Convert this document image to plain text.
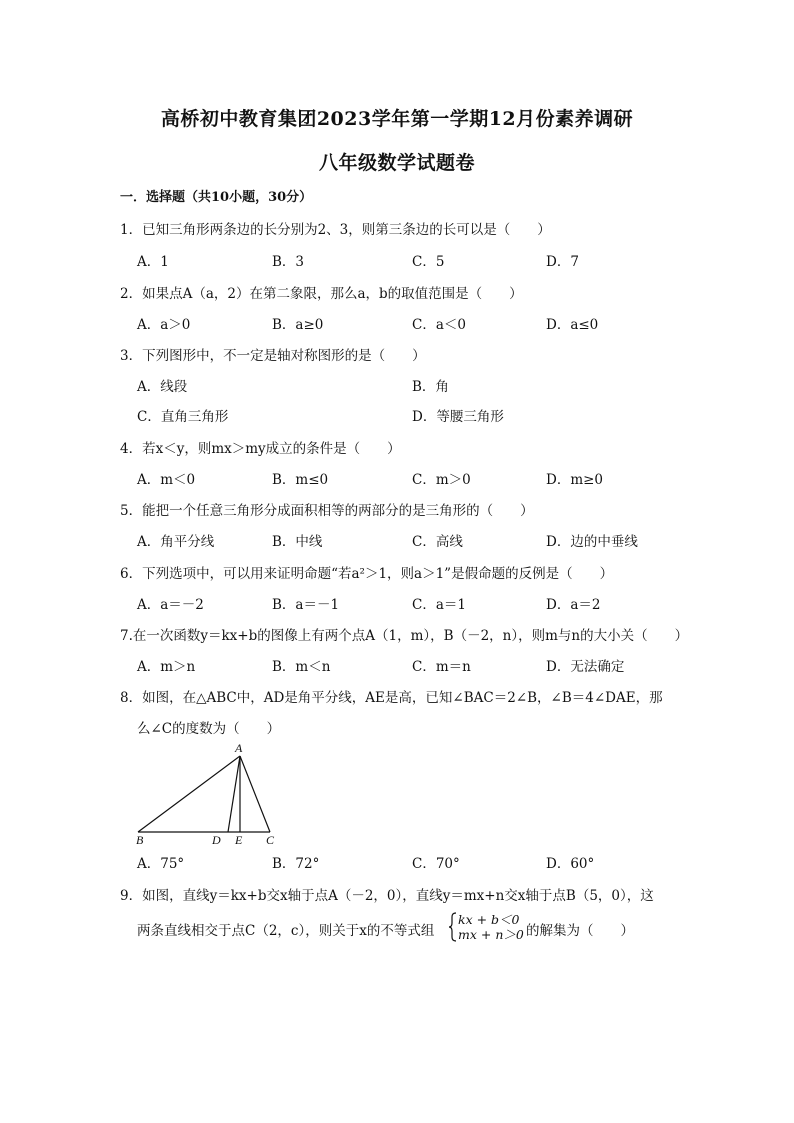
高桥初中教育集团2023学年第一学期12月份素养调研
八年级数学试题卷
一．选择题（共10小题，30分）
1．已知三角形两条边的长分别为2、3，则第三条边的长可以是（　　）
A．1	B．3	C．5	D．7
2．如果点A（a，2）在第二象限，那么a，b的取值范围是（　　）
A．a＞0	B．a≥0	C．a＜0	D．a≤0
3．下列图形中，不一定是轴对称图形的是（　　）
A．线段	B．角
C．直角三角形	D．等腰三角形
4．若x＜y，则mx＞my成立的条件是（　　）
A．m＜0	B．m≤0	C．m＞0	D．m≥0
5．能把一个任意三角形分成面积相等的两部分的是三角形的（　　）
A．角平分线	B．中线	C．高线	D．边的中垂线
6．下列选项中，可以用来证明命题“若a²＞1，则a＞1”是假命题的反例是（　　）
A．a＝－2	B．a＝－1	C．a＝1	D．a＝2
7.在一次函数y＝kx+b的图像上有两个点A（1，m），B（－2，n），则m与n的大小关（　　）
A．m＞n	B．m＜n	C．m＝n	D．无法确定
8．如图，在△ABC中，AD是角平分线，AE是高，已知∠BAC＝2∠B，∠B＝4∠DAE，那
么∠C的度数为（　　）
A
B	C
D E
A．75°	B．72°	C．70°	D．60°
9．如图，直线y＝kx+b交x轴于点A（－2，0），直线y＝mx+n交x轴于点B（5，0），这
两条直线相交于点C（2，c），则关于x的不等式组
kx + b＜0
mx + n＞0 的解集为（　　）
